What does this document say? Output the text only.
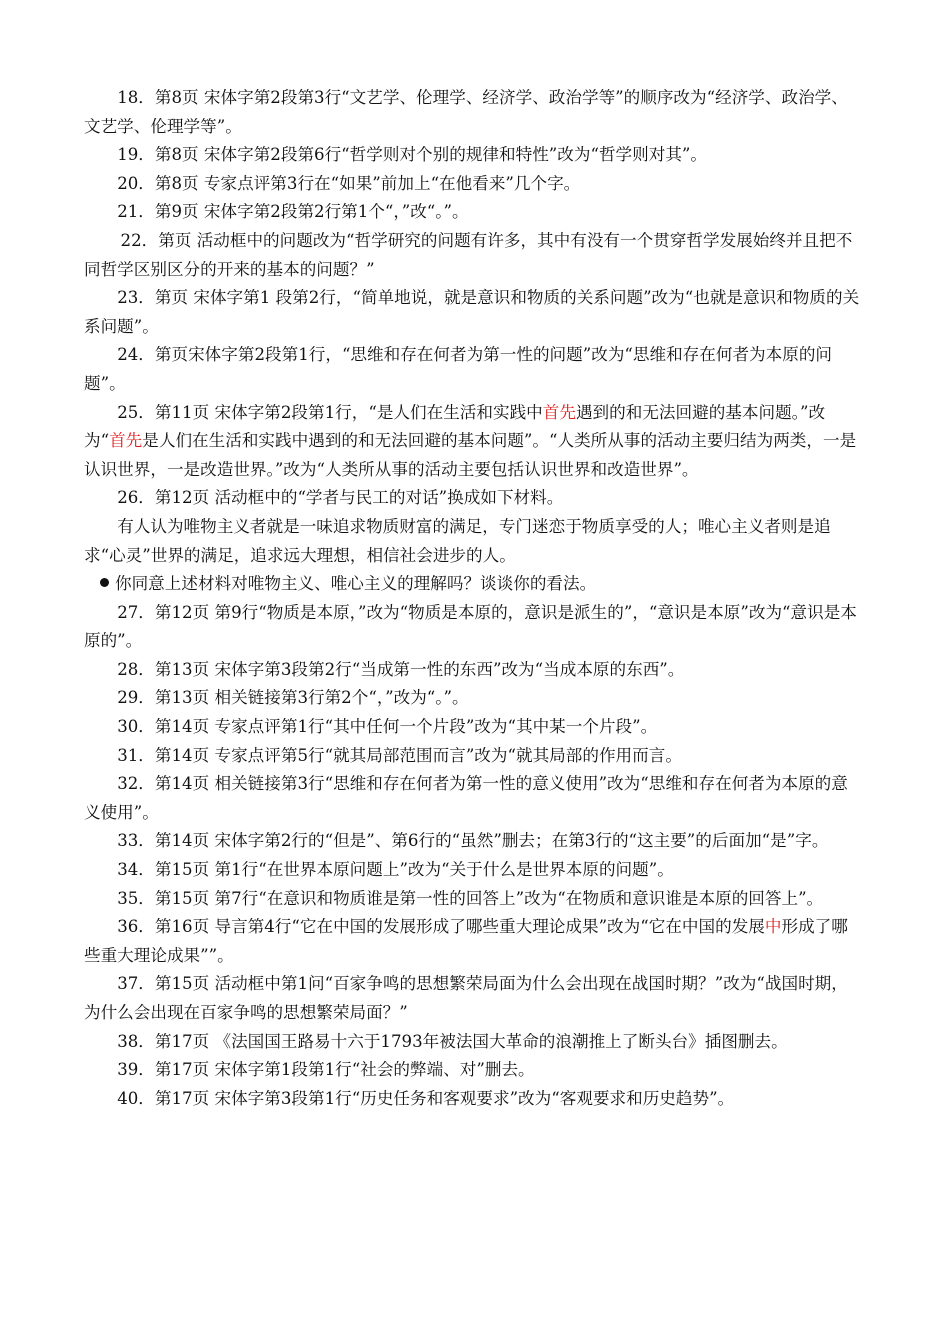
18．第8页 宋体字第2段第3行“文艺学、伦理学、经济学、政治学等”的顺序改为“经济学、政治学、文艺学、伦理学等”。

19．第8页 宋体字第2段第6行“哲学则对个别的规律和特性”改为“哲学则对其”。

20．第8页 专家点评第3行在“如果”前加上“在他看来”几个字。

21．第9页 宋体字第2段第2行第1个“，”改“。”。

22．第页 活动框中的问题改为“哲学研究的问题有许多，其中有没有一个贯穿哲学发展始终并且把不同哲学区别区分的开来的基本的问题？”

23．第页 宋体字第1 段第2行，“简单地说，就是意识和物质的关系问题”改为“也就是意识和物质的关系问题”。

24．第页宋体字第2段第1行，“思维和存在何者为第一性的问题”改为“思维和存在何者为本原的问题”。

25．第11页 宋体字第2段第1行，“是人们在生活和实践中首先遇到的和无法回避的基本问题。”改为“首先是人们在生活和实践中遇到的和无法回避的基本问题”。“人类所从事的活动主要归结为两类，一是认识世界，一是改造世界。”改为“人类所从事的活动主要包括认识世界和改造世界”。

26．第12页 活动框中的“学者与民工的对话”换成如下材料。

有人认为唯物主义者就是一味追求物质财富的满足，专门迷恋于物质享受的人；唯心主义者则是追求“心灵”世界的满足，追求远大理想，相信社会进步的人。

你同意上述材料对唯物主义、唯心主义的理解吗？谈谈你的看法。

27．第12页 第9行“物质是本原，”改为“物质是本原的，意识是派生的”，“意识是本原”改为“意识是本原的”。

28．第13页 宋体字第3段第2行“当成第一性的东西”改为“当成本原的东西”。

29．第13页 相关链接第3行第2个“，”改为“。”。

30．第14页 专家点评第1行“其中任何一个片段”改为“其中某一个片段”。

31．第14页 专家点评第5行“就其局部范围而言”改为“就其局部的作用而言。

32．第14页 相关链接第3行“思维和存在何者为第一性的意义使用”改为“思维和存在何者为本原的意义使用”。

33．第14页 宋体字第2行的“但是”、第6行的“虽然”删去；在第3行的“这主要”的后面加“是”字。

34．第15页 第1行“在世界本原问题上”改为“关于什么是世界本原的问题”。

35．第15页 第7行“在意识和物质谁是第一性的回答上”改为“在物质和意识谁是本原的回答上”。

36．第16页 导言第4行“它在中国的发展形成了哪些重大理论成果”改为“它在中国的发展中形成了哪些重大理论成果””。

37．第15页 活动框中第1问“百家争鸣的思想繁荣局面为什么会出现在战国时期？”改为“战国时期，为什么会出现在百家争鸣的思想繁荣局面？”

38．第17页 《法国国王路易十六于1793年被法国大革命的浪潮推上了断头台》插图删去。

39．第17页 宋体字第1段第1行“社会的弊端、对”删去。

40．第17页 宋体字第3段第1行“历史任务和客观要求”改为“客观要求和历史趋势”。
